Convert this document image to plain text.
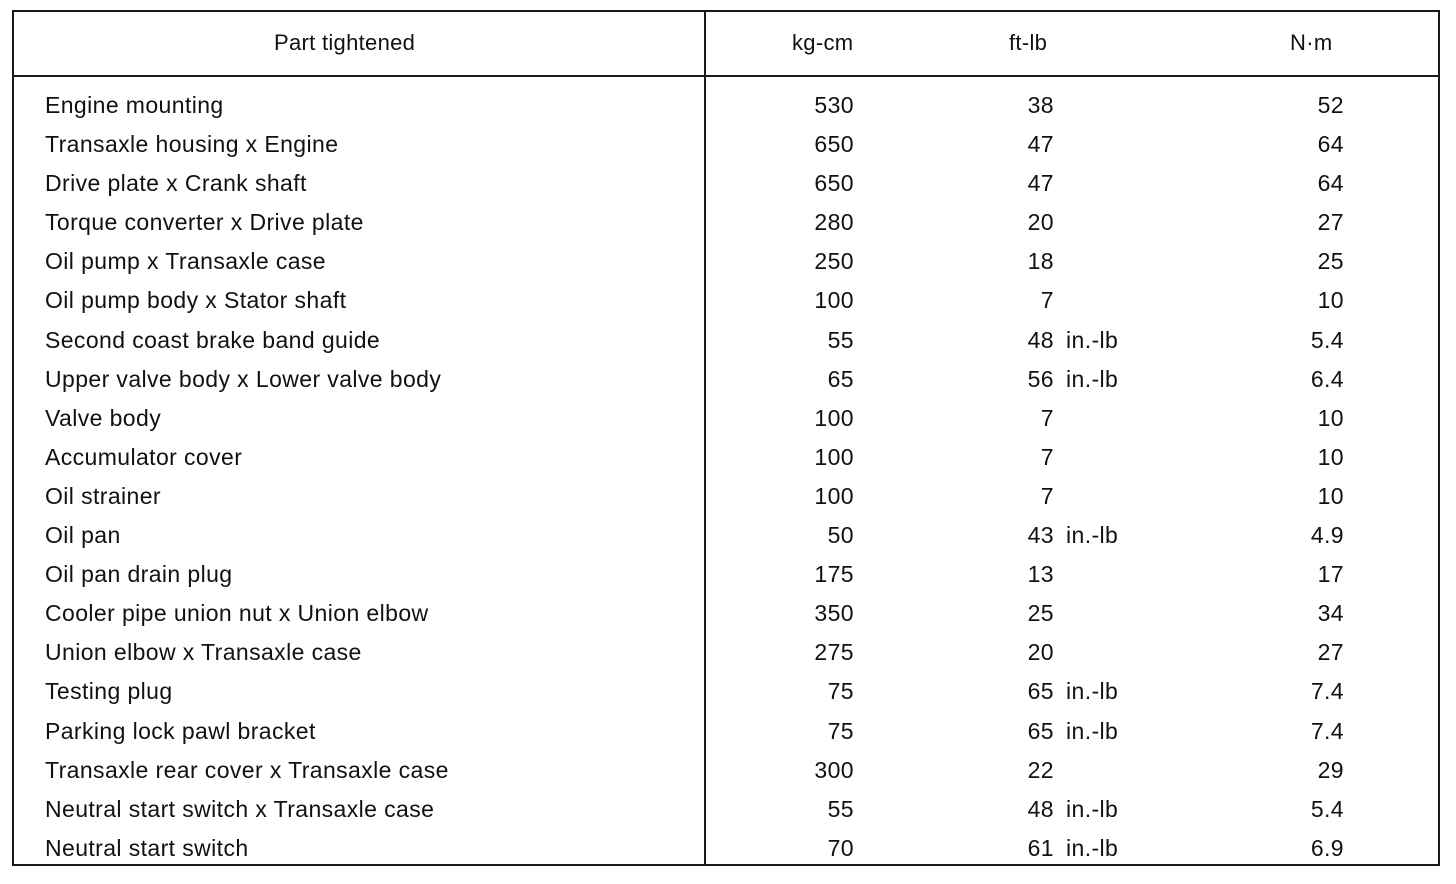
Part tightened	kg-cm	ft-lb	N·m
Engine mounting	530	38	52
Transaxle housing x Engine	650	47	64
Drive plate x Crank shaft	650	47	64
Torque converter x Drive plate	280	20	27
Oil pump x Transaxle case	250	18	25
Oil pump body x Stator shaft	100	7	10
Second coast brake band guide	55	48 in.-lb	5.4
Upper valve body x Lower valve body	65	56 in.-lb	6.4
Valve body	100	7	10
Accumulator cover	100	7	10
Oil strainer	100	7	10
Oil pan	50	43 in.-lb	4.9
Oil pan drain plug	175	13	17
Cooler pipe union nut x Union elbow	350	25	34
Union elbow x Transaxle case	275	20	27
Testing plug	75	65 in.-lb	7.4
Parking lock pawl bracket	75	65 in.-lb	7.4
Transaxle rear cover x Transaxle case	300	22	29
Neutral start switch x Transaxle case	55	48 in.-lb	5.4
Neutral start switch	70	61 in.-lb	6.9
